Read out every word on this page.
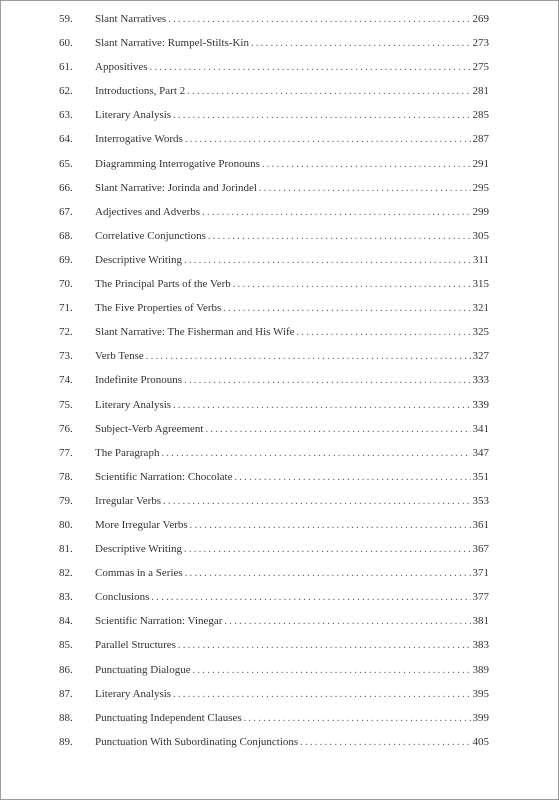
59.	Slant Narratives .....	269
60.	Slant Narrative: Rumpel-Stilts-Kin .....	273
61.	Appositives .....	275
62.	Introductions, Part 2 .....	281
63.	Literary Analysis .....	285
64.	Interrogative Words .....	287
65.	Diagramming Interrogative Pronouns .....	291
66.	Slant Narrative: Jorinda and Jorindel .....	295
67.	Adjectives and Adverbs .....	299
68.	Correlative Conjunctions .....	305
69.	Descriptive Writing .....	311
70.	The Principal Parts of the Verb .....	315
71.	The Five Properties of Verbs .....	321
72.	Slant Narrative: The Fisherman and His Wife .....	325
73.	Verb Tense .....	327
74.	Indefinite Pronouns .....	333
75.	Literary Analysis .....	339
76.	Subject-Verb Agreement .....	341
77.	The Paragraph .....	347
78.	Scientific Narration: Chocolate .....	351
79.	Irregular Verbs .....	353
80.	More Irregular Verbs .....	361
81.	Descriptive Writing .....	367
82.	Commas in a Series .....	371
83.	Conclusions .....	377
84.	Scientific Narration: Vinegar .....	381
85.	Parallel Structures .....	383
86.	Punctuating Dialogue .....	389
87.	Literary Analysis .....	395
88.	Punctuating Independent Clauses .....	399
89.	Punctuation With Subordinating Conjunctions .....	405
